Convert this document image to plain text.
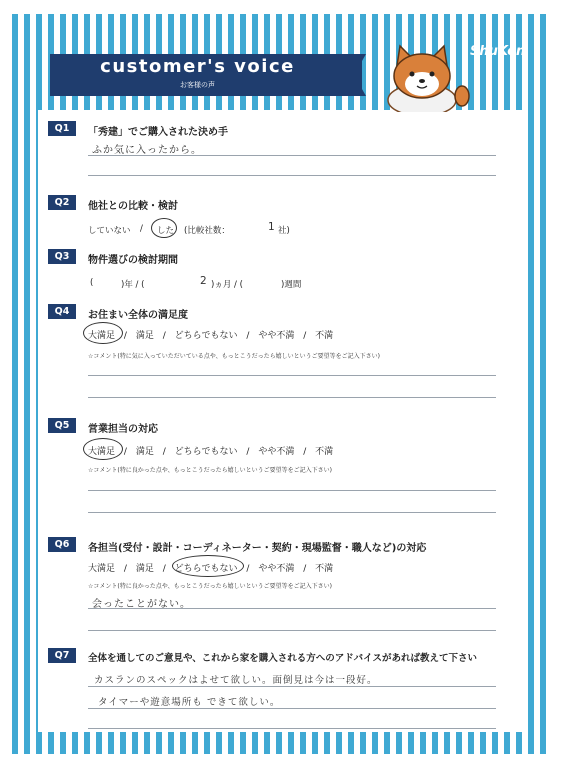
customer's voice
お客様の声
ShuKen
Q1	「秀建」でご購入された決め手
ふか気に入ったから。
Q2	他社との比較・検討
していない / した (比較社数：	1 社)
Q3	物件選びの検討期間
(	)年 / (	2 )ヵ月 / (	)週間
Q4	お住まい全体の満足度
大満足 / 満足 / どちらでもない / やや不満 / 不満
☆コメント(特に気に入っていただいている点や、もっとこうだったら嬉しいというご要望等をご記入下さい)
Q5	営業担当の対応
大満足 / 満足 / どちらでもない / やや不満 / 不満
☆コメント(特に良かった点や、もっとこうだったら嬉しいというご要望等をご記入下さい)
Q6	各担当(受付・設計・コーディネーター・契約・現場監督・職人など)の対応
大満足 / 満足 / どちらでもない / やや不満 / 不満
☆コメント(特に良かった点や、もっとこうだったら嬉しいというご要望等をご記入下さい)
会ったことがない。
Q7	全体を通してのご意見や、これから家を購入される方へのアドバイスがあれば教えて下さい
カスランのスペックはよせて欲しい。面倒見は今は一段好。
タイマーや遊意場所も できて欲しい。
